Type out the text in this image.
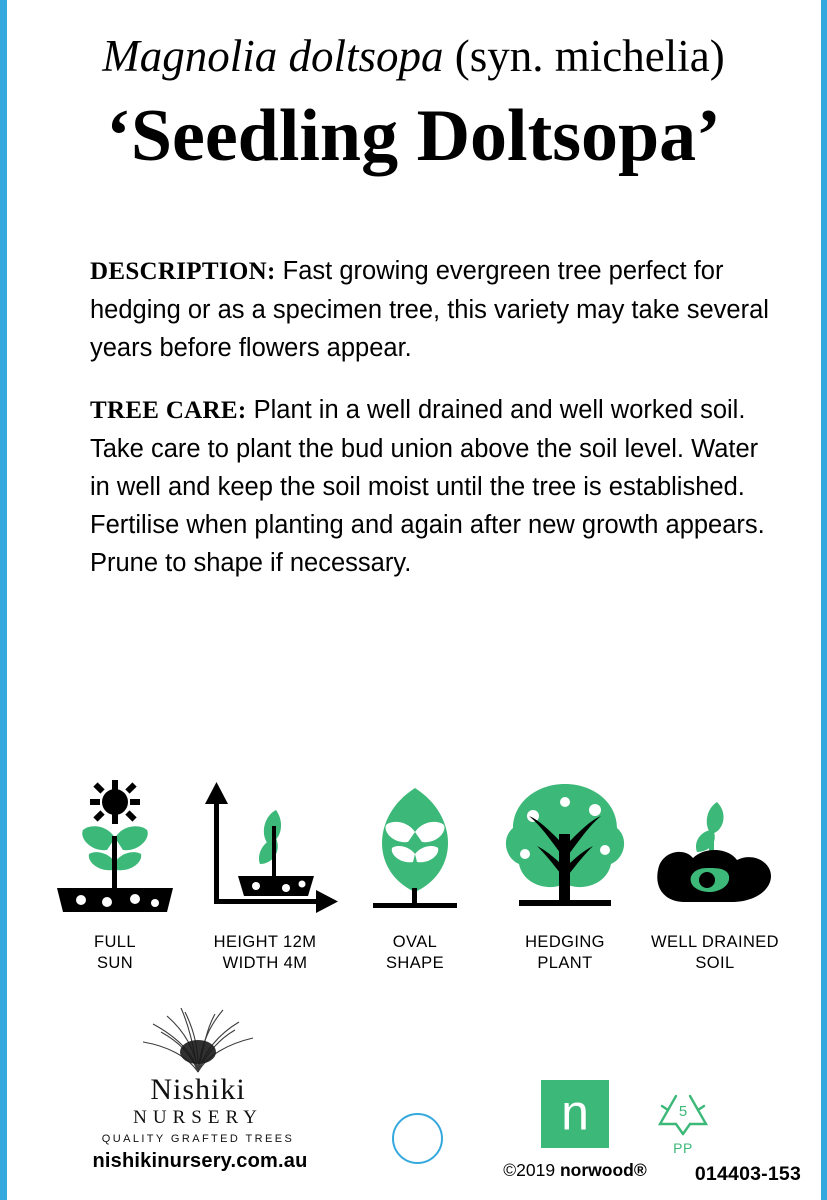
Magnolia doltsopa (syn. michelia)
‘Seedling Doltsopa’

DESCRIPTION: Fast growing evergreen tree perfect for hedging or as a specimen tree, this variety may take several years before flowers appear.

TREE CARE: Plant in a well drained and well worked soil. Take care to plant the bud union above the soil level. Water in well and keep the soil moist until the tree is established. Fertilise when planting and again after new growth appears. Prune to shape if necessary.

FULL
SUN
HEIGHT 12M
WIDTH 4M
OVAL
SHAPE
HEDGING
PLANT
WELL DRAINED
SOIL
Nishiki
NURSERY
QUALITY GRAFTED TREES
nishikinursery.com.au
n
©2019 norwood®
5
PP
014403-153
